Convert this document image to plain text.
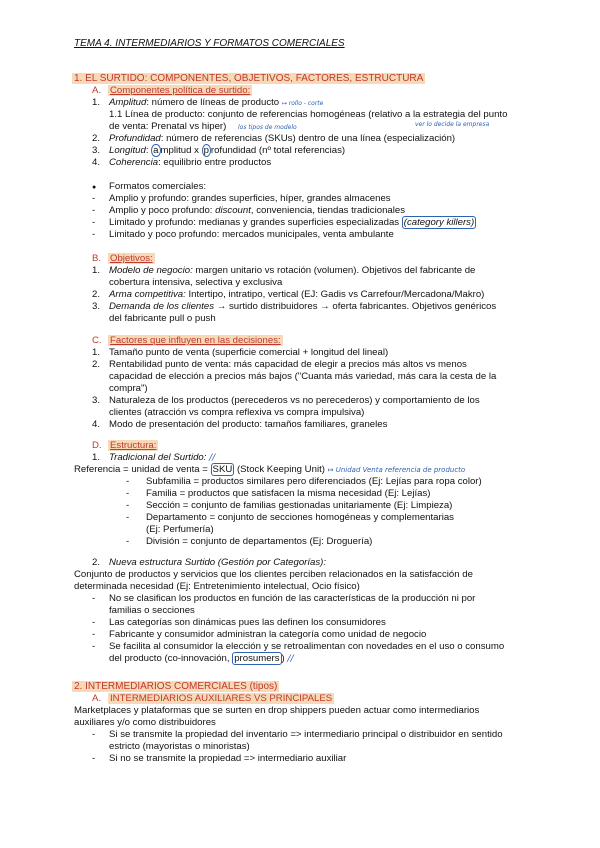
TEMA 4. INTERMEDIARIOS Y FORMATOS COMERCIALES
1. EL SURTIDO: COMPONENTES, OBJETIVOS, FACTORES, ESTRUCTURA
A. Componentes política de surtido:
1. Amplitud: número de líneas de producto ↦ rollo - corte
1.1 Línea de producto: conjunto de referencias homogéneas (relativo a la estrategia del punto
de venta: Prenatal vs hiper) los tipos de modelo	ver lo decide la empresa
2. Profundidad: número de referencias (SKUs) dentro de una línea (especialización)
3. Longitud: a mplitud x p rofundidad (nº total referencias)
4. Coherencia: equilibrio entre productos
● Formatos comerciales:
- Amplio y profundo: grandes superficies, híper, grandes almacenes
- Amplio y poco profundo: discount, conveniencia, tiendas tradicionales
- Limitado y profundo: medianas y grandes superficies especializadas (category killers)
- Limitado y poco profundo: mercados municipales, venta ambulante
B. Objetivos:
1. Modelo de negocio: margen unitario vs rotación (volumen). Objetivos del fabricante de
cobertura intensiva, selectiva y exclusiva
2. Arma competitiva: Intertipo, intratipo, vertical (EJ: Gadis vs Carrefour/Mercadona/Makro)
3. Demanda de los clientes → surtido distribuidores → oferta fabricantes. Objetivos genéricos
del fabricante pull o push
C. Factores que influyen en las decisiones:
1. Tamaño punto de venta (superficie comercial + longitud del lineal)
2. Rentabilidad punto de venta: más capacidad de elegir a precios más altos vs menos
capacidad de elección a precios más bajos ("Cuanta más variedad, más cara la cesta de la
compra")
3. Naturaleza de los productos (perecederos vs no perecederos) y comportamiento de los
clientes (atracción vs compra reflexiva vs compra impulsiva)
4. Modo de presentación del producto: tamaños familiares, graneles
D. Estructura:
1. Tradicional del Surtido: //
Referencia = unidad de venta = SKU (Stock Keeping Unit) ↦ Unidad Venta referencia de producto
- Subfamilia = productos similares pero diferenciados (Ej: Lejías para ropa color)
- Familia = productos que satisfacen la misma necesidad (Ej: Lejías)
- Sección = conjunto de familias gestionadas unitariamente (Ej: Limpieza)
- Departamento = conjunto de secciones homogéneas y complementarias
(Ej: Perfumería)
- División = conjunto de departamentos (Ej: Droguería)
2. Nueva estructura Surtido (Gestión por Categorías):
Conjunto de productos y servicios que los clientes perciben relacionados en la satisfacción de
determinada necesidad (Ej: Entretenimiento intelectual, Ocio físico)
- No se clasifican los productos en función de las características de la producción ni por
familias o secciones
- Las categorías son dinámicas pues las definen los consumidores
- Fabricante y consumidor administran la categoría como unidad de negocio
- Se facilita al consumidor la elección y se retroalimentan con novedades en el uso o consumo
del producto (co-innovación, prosumers ) //
2. INTERMEDIARIOS COMERCIALES (tipos)
A. INTERMEDIARIOS AUXILIARES VS PRINCIPALES
Marketplaces y plataformas que se surten en drop shippers pueden actuar como intermediarios
auxiliares y/o como distribuidores
- Si se transmite la propiedad del inventario => intermediario principal o distribuidor en sentido
estricto (mayoristas o minoristas)
- Si no se transmite la propiedad => intermediario auxiliar
